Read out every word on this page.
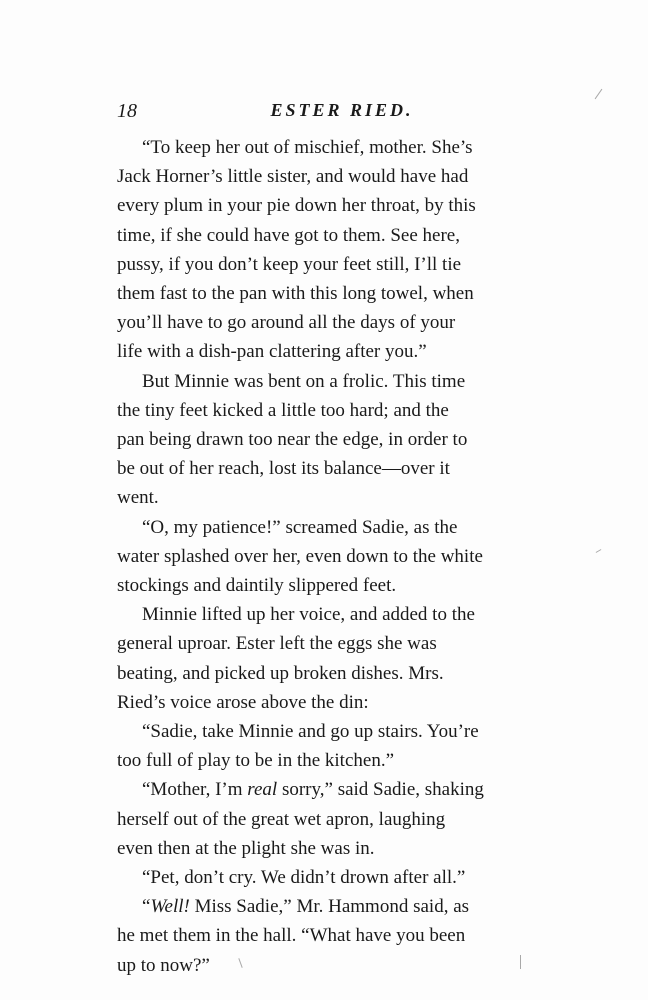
18	ESTER RIED.

“To keep her out of mischief, mother. She’s
Jack Horner’s little sister, and would have had
every plum in your pie down her throat, by this
time, if she could have got to them. See here,
pussy, if you don’t keep your feet still, I’ll tie
them fast to the pan with this long towel, when
you’ll have to go around all the days of your
life with a dish-pan clattering after you.”

But Minnie was bent on a frolic. This time
the tiny feet kicked a little too hard; and the
pan being drawn too near the edge, in order to
be out of her reach, lost its balance—over it
went.

“O, my patience!” screamed Sadie, as the
water splashed over her, even down to the white
stockings and daintily slippered feet.

Minnie lifted up her voice, and added to the
general uproar. Ester left the eggs she was
beating, and picked up broken dishes. Mrs.
Ried’s voice arose above the din:

“Sadie, take Minnie and go up stairs. You’re
too full of play to be in the kitchen.”

“Mother, I’m real sorry,” said Sadie, shaking
herself out of the great wet apron, laughing
even then at the plight she was in.

“Pet, don’t cry. We didn’t drown after all.”

“Well! Miss Sadie,” Mr. Hammond said, as
he met them in the hall. “What have you been
up to now?”
